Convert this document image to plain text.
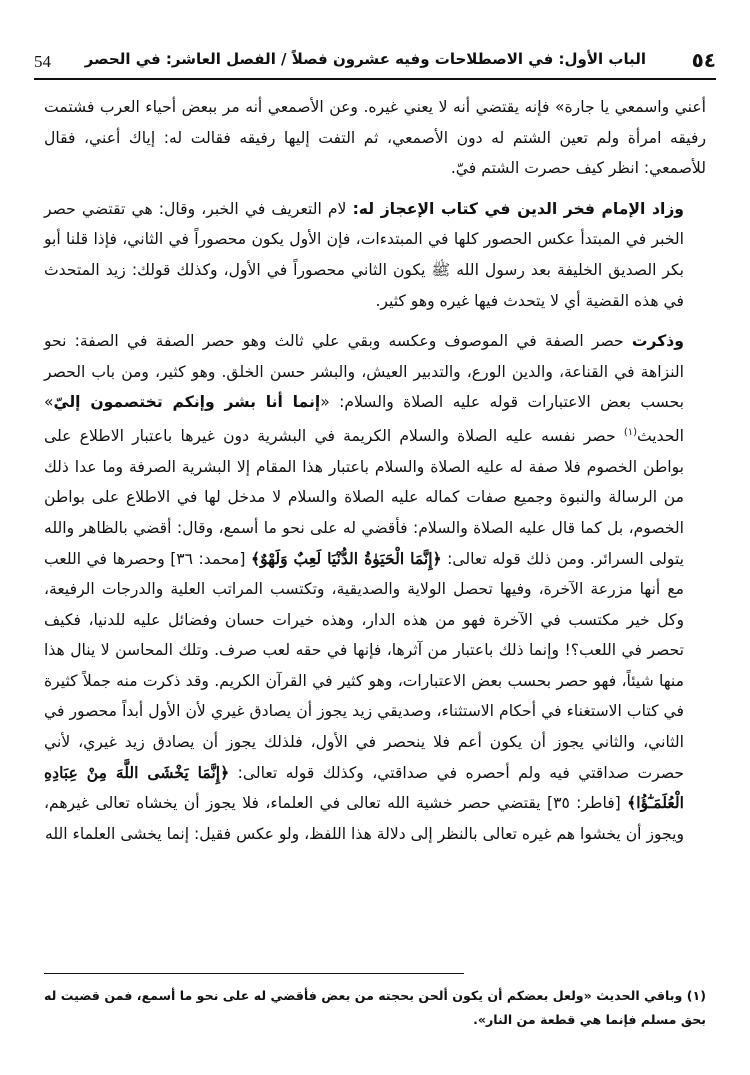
54 الباب الأول: في الاصطلاحات وفيه عشرون فصلاً / الفصل العاشر: في الحصر ٥٤

أعني واسمعي يا جارة» فإنه يقتضي أنه لا يعني غيره. وعن الأصمعي أنه مر ببعض أحياء العرب فشتمت رفيقه امرأة ولم تعين الشتم له دون الأصمعي، ثم التفت إليها رفيقه فقالت له: إياك أعني، فقال للأصمعي: انظر كيف حصرت الشتم فيّ.

وزاد الإمام فخر الدين في كتاب الإعجاز له: لام التعريف في الخبر، وقال: هي تقتضي حصر الخبر في المبتدأ عكس الحصور كلها في المبتدءات، فإن الأول يكون محصوراً في الثاني، فإذا قلنا أبو بكر الصديق الخليفة بعد رسول الله ﷺ يكون الثاني محصوراً في الأول، وكذلك قولك: زيد المتحدث في هذه القضية أي لا يتحدث فيها غيره وهو كثير.

وذكرت حصر الصفة في الموصوف وعكسه وبقي علي ثالث وهو حصر الصفة في الصفة: نحو النزاهة في القناعة، والدين الورع، والتدبير العيش، والبشر حسن الخلق. وهو كثير، ومن باب الحصر بحسب بعض الاعتبارات قوله عليه الصلاة والسلام: «إنما أنا بشر وإنكم تختصمون إليّ» الحديث$^{(١)}$ حصر نفسه عليه الصلاة والسلام الكريمة في البشرية دون غيرها باعتبار الاطلاع على بواطن الخصوم فلا صفة له عليه الصلاة والسلام باعتبار هذا المقام إلا البشرية الصرفة وما عدا ذلك من الرسالة والنبوة وجميع صفات كماله عليه الصلاة والسلام لا مدخل لها في الاطلاع على بواطن الخصوم، بل كما قال عليه الصلاة والسلام: فأقضي له على نحو ما أسمع، وقال: أقضي بالظاهر والله يتولى السرائر. ومن ذلك قوله تعالى: ﴿إِنَّمَا الْحَيَوٰةُ الدُّنْيَا لَعِبٌ وَلَهْوٌ﴾ [محمد: ٣٦] وحصرها في اللعب مع أنها مزرعة الآخرة، وفيها تحصل الولاية والصديقية، وتكتسب المراتب العلية والدرجات الرفيعة، وكل خير مكتسب في الآخرة فهو من هذه الدار، وهذه خيرات حسان وفضائل عليه للدنيا، فكيف تحصر في اللعب؟! وإنما ذلك باعتبار من آثرها، فإنها في حقه لعب صرف. وتلك المحاسن لا ينال هذا منها شيئاً، فهو حصر بحسب بعض الاعتبارات، وهو كثير في القرآن الكريم. وقد ذكرت منه جملاً كثيرة في كتاب الاستغناء في أحكام الاستثناء، وصديقي زيد يجوز أن يصادق غيري لأن الأول أبداً محصور في الثاني، والثاني يجوز أن يكون أعم فلا ينحصر في الأول، فلذلك يجوز أن يصادق زيد غيري، لأني حصرت صداقتي فيه ولم أحصره في صداقتي، وكذلك قوله تعالى: ﴿إِنَّمَا يَخْشَى اللَّهَ مِنْ عِبَادِهِ الْعُلَمَـٰٓؤُا﴾ [فاطر: ٣٥] يقتضي حصر خشية الله تعالى في العلماء، فلا يجوز أن يخشاه تعالى غيرهم، ويجوز أن يخشوا هم غيره تعالى بالنظر إلى دلالة هذا اللفظ، ولو عكس فقيل: إنما يخشى العلماء الله

(١) وباقي الحديث «ولعل بعضكم أن يكون ألحن بحجته من بعض فأقضي له على نحو ما أسمع، فمن قضيت له بحق مسلم فإنما هي قطعة من النار».
